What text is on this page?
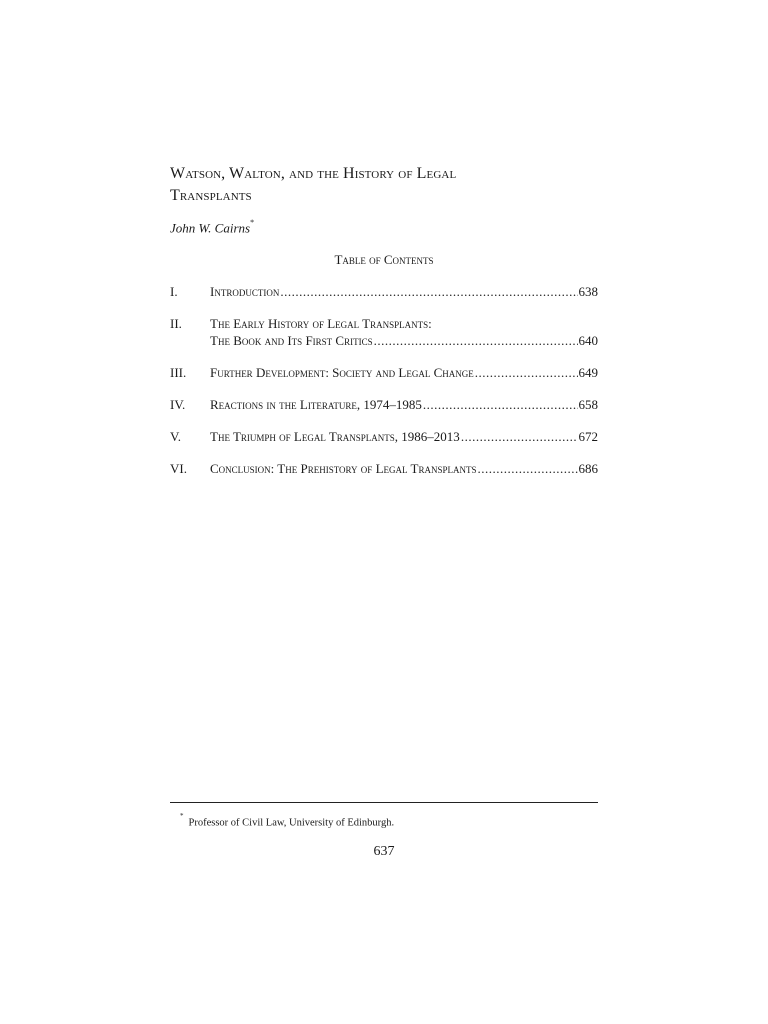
Watson, Walton, and the History of Legal
Transplants
John W. Cairns*
Table of Contents
I.	Introduction .....	638
II.	The Early History of Legal Transplants:
The Book and Its First Critics .....	640
III.	Further Development: Society and Legal Change .....	649
IV.	Reactions in the Literature, 1974–1985 .....	658
V.	The Triumph of Legal Transplants, 1986–2013 .....	672
VI.	Conclusion: The Prehistory of Legal Transplants .....	686
*Professor of Civil Law, University of Edinburgh.
637
